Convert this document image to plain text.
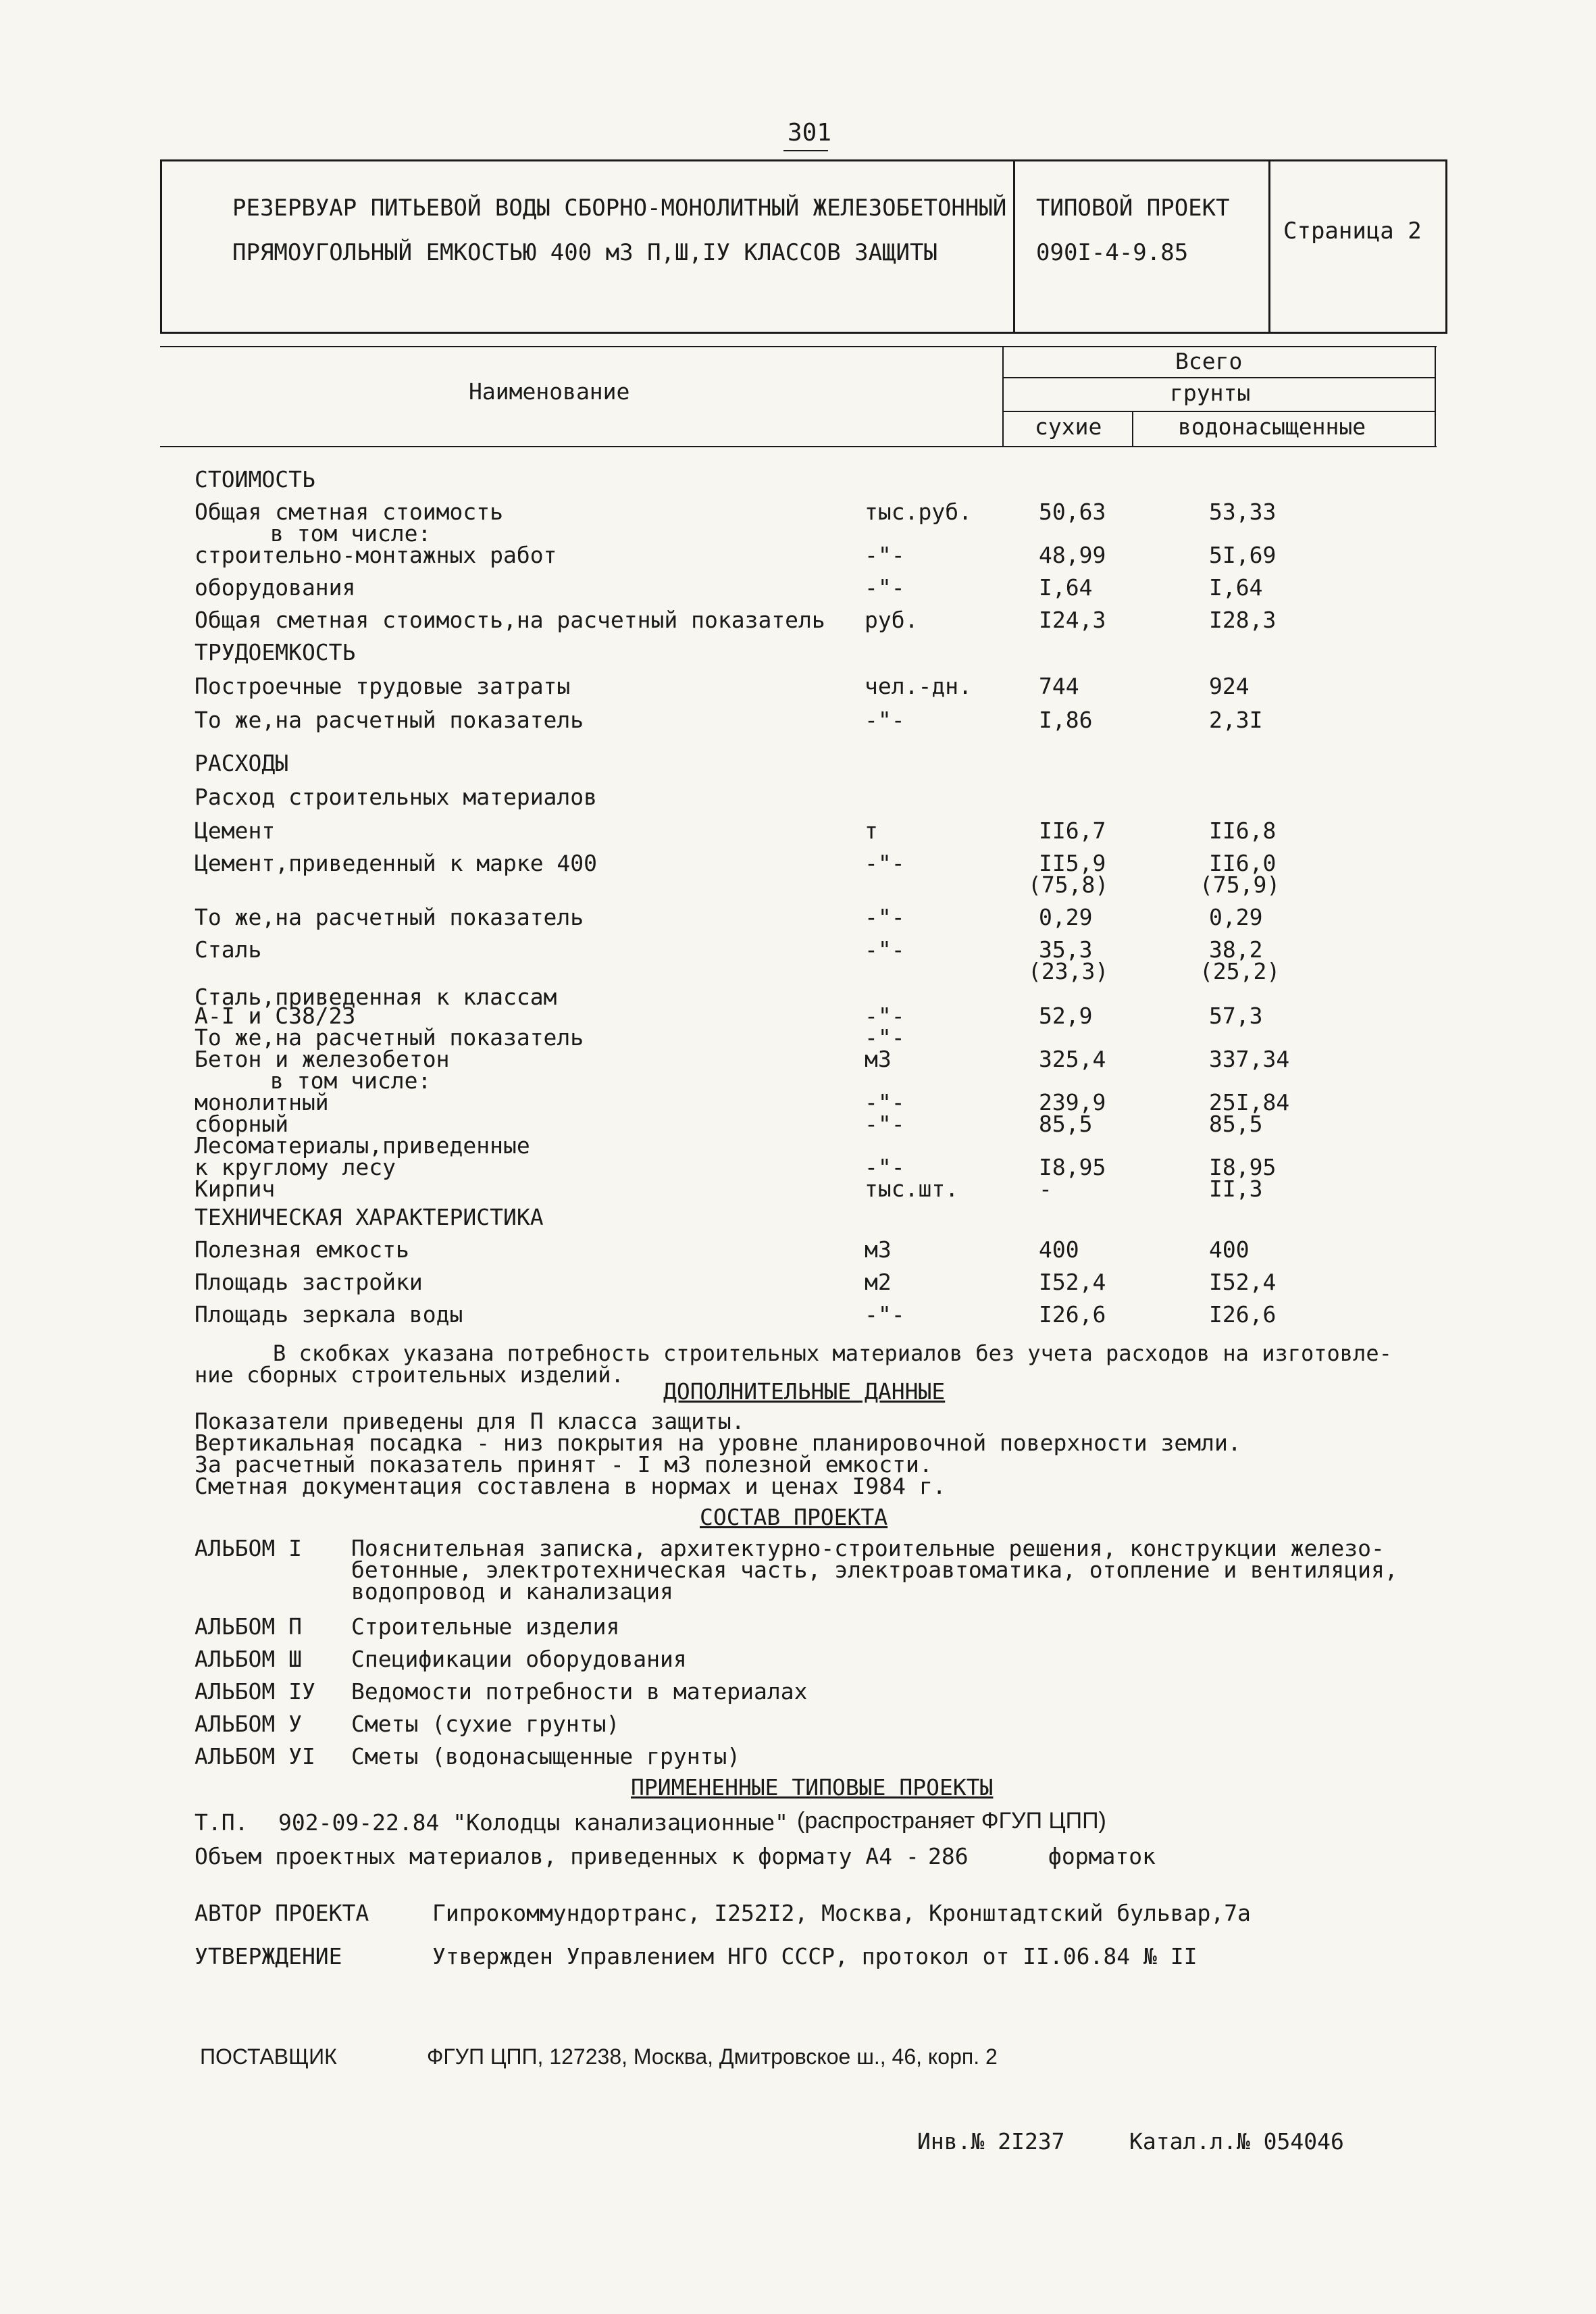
301
РЕЗЕРВУАР ПИТЬЕВОЙ ВОДЫ СБОРНО-МОНОЛИТНЫЙ ЖЕЛЕЗОБЕТОННЫЙ
ПРЯМОУГОЛЬНЫЙ ЕМКОСТЬЮ 400 м3 П,Ш,IУ КЛАССОВ ЗАЩИТЫ
ТИПОВОЙ ПРОЕКТ
090I-4-9.85
Страница 2
Наименование
Всего
грунты
сухие	водонасыщенные
СТОИМОСТЬ
Общая сметная стоимость	тыс.руб.	50,63	53,33
в том числе:
строительно-монтажных работ	-"-	48,99	5I,69
оборудования	-"-	I,64	I,64
Общая сметная стоимость,на расчетный показатель руб.	I24,3	I28,3
ТРУДОЕМКОСТЬ
Построечные трудовые затраты	чел.-дн.	744	924
То же,на расчетный показатель	-"-	I,86	2,3I
РАСХОДЫ
Расход строительных материалов
Цемент	т	II6,7	II6,8
Цемент,приведенный к марке 400	-"-	II5,9	II6,0
(75,8)	(75,9)
То же,на расчетный показатель	-"-	0,29	0,29
Сталь	-"-	35,3	38,2
(23,3)	(25,2)
Сталь,приведенная к классам
А-I и С38/23	-"-	52,9	57,3
То же,на расчетный показатель	-"-
Бетон и железобетон	м3	325,4	337,34
в том числе:
монолитный	-"-	239,9	25I,84
сборный	-"-	85,5	85,5
Лесоматериалы,приведенные
к круглому лесу	-"-	I8,95	I8,95
Кирпич	тыс.шт.	-	II,3
ТЕХНИЧЕСКАЯ ХАРАКТЕРИСТИКА
Полезная емкость	м3	400	400
Площадь застройки	м2	I52,4	I52,4
Площадь зеркала воды	-"-	I26,6	I26,6
В скобках указана потребность строительных материалов без учета расходов на изготовле-
ние сборных строительных изделий.
ДОПОЛНИТЕЛЬНЫЕ ДАННЫЕ
Показатели приведены для П класса защиты.
Вертикальная посадка - низ покрытия на уровне планировочной поверхности земли.
За расчетный показатель принят - I м3 полезной емкости.
Сметная документация составлена в нормах и ценах I984 г.
СОСТАВ ПРОЕКТА
АЛЬБОМ I Пояснительная записка, архитектурно-строительные решения, конструкции железо-
бетонные, электротехническая часть, электроавтоматика, отопление и вентиляция,
водопровод и канализация
АЛЬБОМ П Строительные изделия
АЛЬБОМ Ш Спецификации оборудования
АЛЬБОМ IУ Ведомости потребности в материалах
АЛЬБОМ У Сметы (сухие грунты)
АЛЬБОМ УI Сметы (водонасыщенные грунты)
ПРИМЕНЕННЫЕ ТИПОВЫЕ ПРОЕКТЫ
Т.П. 902-09-22.84 "Колодцы канализационные" (распространяет ФГУП ЦПП)
Объем проектных материалов, приведенных к формату А4 - 286	форматок
АВТОР ПРОЕКТА	Гипрокоммундортранс, I252I2, Москва, Кронштадтский бульвар,7а
УТВЕРЖДЕНИЕ	Утвержден Управлением НГО СССР, протокол от II.06.84 № II
ПОСТАВЩИК	ФГУП ЦПП, 127238, Москва, Дмитровское ш., 46, корп. 2
Инв.№ 2I237	Катал.л.№ 054046
